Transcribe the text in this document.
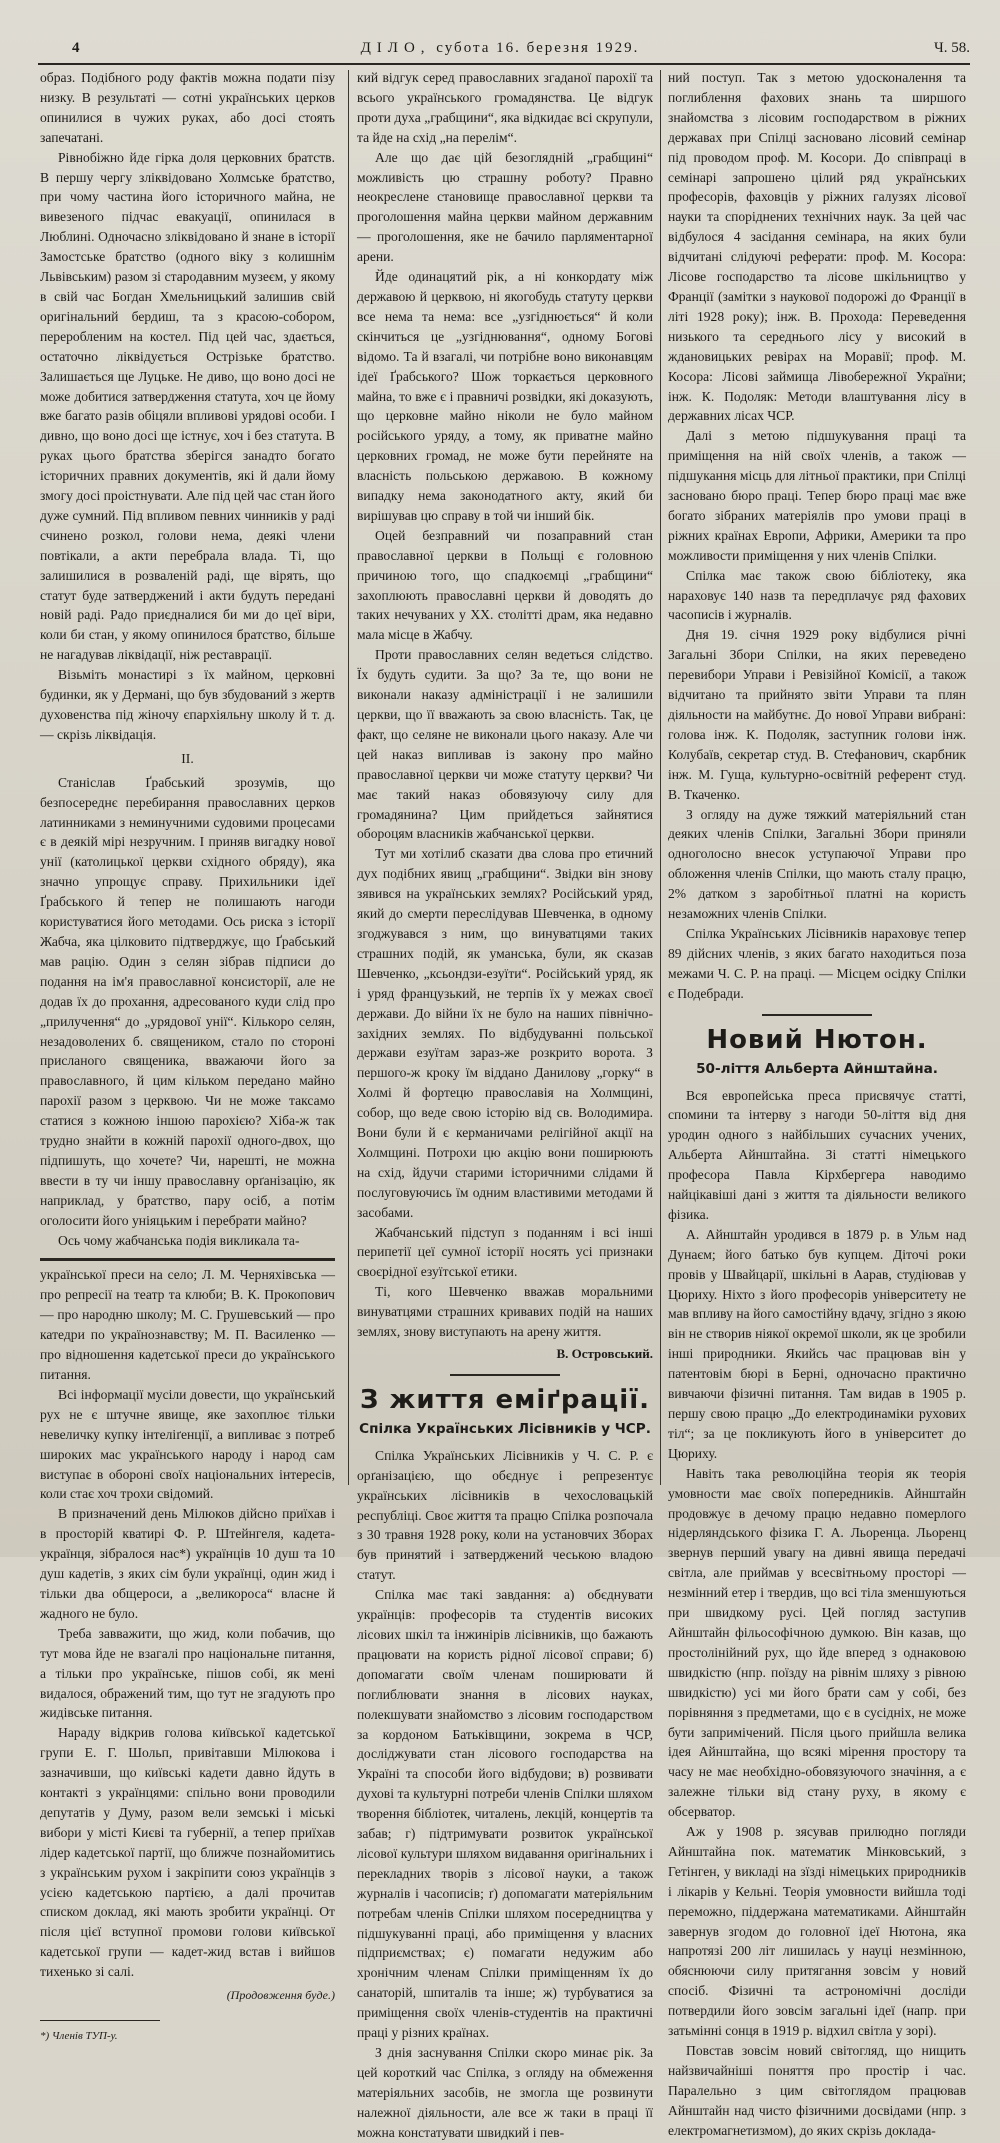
4	ДІЛО, субота 16. березня 1929.	Ч. 58.

образ. Подібного роду фактів можна подати пізу низку. В результаті — сотні українських церков опинилися в чужих руках, або досі стоять запечатані.

Рівнобіжно йде гірка доля церковних братств. В першу чергу зліквідовано Холмське братство, при чому частина його історичного майна, не вивезеного підчас евакуації, опинилася в Люблині. Одночасно зліквідовано й знане в історії Замостське братство (одного віку з колишнім Львівським) разом зі стародавним музеєм, у якому в свій час Богдан Хмельницький залишив свій оригінальний бердиш, та з красою-собором, переробленим на костел. Під цей час, здається, остаточно ліквідується Острізьке братство. Залишається ще Луцьке. Не диво, що воно досі не може добитися затвердження статута, хоч це йому вже багато разів обіцяли впливові урядові особи. І дивно, що воно досі ще істнує, хоч і без статута. В руках цього братства зберігся занадто богато історичних правних документів, які й дали йому змогу досі проістнувати. Але під цей час стан його дуже сумний. Під впливом певних чинників у раді счинено розкол, голови нема, деякі члени повтікали, а акти перебрала влада. Ті, що залишилися в розваленій раді, ще вірять, що статут буде затверджений і акти будуть передані новій раді. Радо приєдналися би ми до цеї віри, коли би стан, у якому опинилося братство, більше не нагадував ліквідації, ніж реставрації.

Візьміть монастирі з їх майном, церковні будинки, як у Дермані, що був збудований з жертв духовенства під жіночу єпархіяльну школу й т. д. — скрізь ліквідація.

II.

Станіслав Ґрабський зрозумів, що безпосереднє перебирання православних церков латинниками з неминучними судовими процесами є в деякій мірі незручним. І приняв вигадку нової унії (католицької церкви східного обряду), яка значно упрощує справу. Прихильники ідеї Ґрабського й тепер не полишають нагоди користуватися його методами. Ось риска з історії Жабча, яка цілковито підтверджує, що Ґрабський мав рацію. Один з селян зібрав підписи до подання на ім'я православної консисторії, але не додав їх до прохання, адресованого куди слід про „прилучення“ до „урядової унії“. Кількоро селян, незадоволених б. священиком, стало по стороні присланого священика, вважаючи його за православного, й цим кільком передано майно парохії разом з церквою. Чи не може таксамо статися з кожною іншою парохією? Хіба-ж так трудно знайти в кожній парохії одного-двох, що підпишуть, що хочете? Чи, нарешті, не можна ввести в ту чи іншу православну орґанізацію, як наприклад, у братство, пару осіб, а потім оголосити його уніяцьким і перебрати майно?

Ось чому жабчанська подія викликала та-

української преси на село; Л. М. Черняхівська — про репресії на театр та клюби; В. К. Прокопович — про народню школу; М. С. Грушевський — про катедри по українознавству; М. П. Василенко — про відношення кадетської преси до українського питання.

Всі інформації мусіли довести, що український рух не є штучне явище, яке захоплює тільки невеличку купку інтеліґенції, а випливає з потреб широких мас українського народу і народ сам виступає в обороні своїх національних інтересів, коли стає хоч трохи свідомий.

В призначений день Мілюков дійсно приїхав і в просторій кватирі Ф. Р. Штейнгеля, кадета-українця, зібралося нас*) українців 10 душ та 10 душ кадетів, з яких сім були українці, один жид і тільки два общероси, а „великороса“ власне й жадного не було.

Треба завважити, що жид, коли побачив, що тут мова йде не взагалі про національне питання, а тільки про українське, пішов собі, як мені видалося, ображений тим, що тут не згадують про жидівське питання.

Нараду відкрив голова київської кадетської групи Е. Г. Шольп, привітавши Мілюкова і зазначивши, що київські кадети давно йдуть в контакті з українцями: спільно вони проводили депутатів у Думу, разом вели земські і міські вибори у місті Києві та губернії, а тепер приїхав лідер кадетської партії, що ближче познайомитись з українським рухом і закріпити союз українців з усією кадетською партією, а далі прочитав списком доклад, які мають зробити українці. От після цієї вступної промови голови київської кадетської групи — кадет-жид встав і вийшов тихенько зі салі.

(Продовження буде.)
*) Членів ТУП-у.

кий відгук серед православних згаданої парохії та всього українського громадянства. Це відгук проти духа „грабщини“, яка відкидає всі скрупули, та йде на схід „на перелім“.

Але що дає цій безоглядній „грабщині“ можливість цю страшну роботу? Правно неокреслене становище православної церкви та проголошення майна церкви майном державним — проголошення, яке не бачило парляментарної арени.

Йде одинацятий рік, а ні конкордату між державою й церквою, ні якогобудь статуту церкви все нема та нема: все „узгіднюється“ й коли скінчиться це „узгіднювання“, одному Богові відомо. Та й взагалі, чи потрібне воно виконавцям ідеї Ґрабського? Шож торкається церковного майна, то вже є і правничі розвідки, які доказують, що церковне майно ніколи не було майном російського уряду, а тому, як приватне майно церковних громад, не може бути перейняте на власність польською державою. В кожному випадку нема законодатного акту, який би вирішував цю справу в той чи інший бік.

Оцей безправний чи позаправний стан православної церкви в Польщі є головною причиною того, що спадкоємці „грабщини“ захоплюють православні церкви й доводять до таких нечуваних у ХХ. столітті драм, яка недавно мала місце в Жабчу.

Проти православних селян ведеться слідство. Їх будуть судити. За що? За те, що вони не виконали наказу адміністрації і не залишили церкви, що її вважають за свою власність. Так, це факт, що селяне не виконали цього наказу. Але чи цей наказ випливав із закону про майно православної церкви чи може статуту церкви? Чи має такий наказ обовязуючу силу для громадянина? Цим прийдеться зайнятися обороцям власників жабчанської церкви.

Тут ми хотілиб сказати два слова про етичний дух подібних явищ „грабщини“. Звідки він знову зявився на українських землях? Російський уряд, який до смерти переслідував Шевченка, в одному згоджувався з ним, що винуватцями таких страшних подій, як уманська, були, як сказав Шевченко, „ксьондзи-езуїти“. Російський уряд, як і уряд французький, не терпів їх у межах своєї держави. До війни їх не було на наших північно-західних землях. По відбудуванні польської держави езуїтам зараз-же розкрито ворота. З першого-ж кроку їм віддано Данилову „горку“ в Холмі й фортецю православія на Холмщині, собор, що веде свою історію від св. Володимира. Вони були й є керманичами релігійної акції на Холмщині. Потрохи цю акцію вони поширюють на схід, йдучи старими історичними слідами й послуговуючись їм одним властивими методами й засобами.

Жабчанський підступ з поданням і всі інші перипетії цеї сумної історії носять усі признаки своєрідної езуїтської етики.

Ті, кого Шевченко вважав моральними винуватцями страшних кривавих подій на наших землях, знову виступають на арену життя.

В. Островський.
З життя еміґрації.
Спілка Українських Лісівників у ЧСР.

Спілка Українських Лісівників у Ч. С. Р. є орґанізацією, що обєднує і репрезентує українських лісівників в чехословацькій республіці. Своє життя та працю Спілка розпочала з 30 травня 1928 року, коли на установчих Зборах був принятий і затверджений чеською владою статут.

Спілка має такі завдання: а) обєднувати українців: професорів та студентів високих лісових шкіл та інжинірів лісівників, що бажають працювати на користь рідної лісової справи; б) допомагати своїм членам поширювати й поглиблювати знання в лісових науках, полекшувати знайомство з лісовим господарством за кордоном Батьківщини, зокрема в ЧСР, досліджувати стан лісового господарства на Україні та способи його відбудови; в) розвивати духові та культурні потреби членів Спілки шляхом творення бібліотек, читалень, лекцій, концертів та забав; г) підтримувати розвиток української лісової культури шляхом видавання оригінальних і перекладних творів з лісової науки, а також журналів і часописів; ґ) допомагати матеріяльним потребам членів Спілки шляхом посередництва у підшукуванні праці, або приміщення у власних підприємствах; є) помагати недужим або хронічним членам Спілки приміщенням їх до санаторій, шпиталів та інше; ж) турбуватися за приміщення своїх членів-студентів на практичні праці у різних країнах.

З днія заснування Спілки скоро минає рік. За цей короткий час Спілка, з огляду на обмеження матеріяльних засобів, не змогла ще розвинути належної діяльности, але все ж таки в праці її можна констатувати швидкий і пев-

ний поступ. Так з метою удосконалення та поглиблення фахових знань та ширшого знайомства з лісовим господарством в ріжних державах при Спілці засновано лісовий семінар під проводом проф. М. Косори. До співпраці в семінарі запрошено цілий ряд українських професорів, фаховців у ріжних галузях лісової науки та споріднених технічних наук. За цей час відбулося 4 засідання семінара, на яких були відчитані слідуючі реферати: проф. М. Косора: Лісове господарство та лісове шкільництво у Франції (замітки з наукової подорожі до Франції в літі 1928 року); інж. В. Прохода: Переведення низького та середнього лісу у високий в ждановицьких ревірах на Моравії; проф. М. Косора: Лісові займища Лівобережної України; інж. К. Подоляк: Методи влаштування лісу в державних лісах ЧСР.

Далі з метою підшукування праці та приміщення на ній своїх членів, а також — підшукання місць для літньої практики, при Спілці засновано бюро праці. Тепер бюро праці має вже богато зібраних матеріялів про умови праці в ріжних країнах Европи, Африки, Америки та про можливости приміщення у них членів Спілки.

Спілка має також свою бібліотеку, яка нараховує 140 назв та передплачує ряд фахових часописів і журналів.

Дня 19. січня 1929 року відбулися річні Загальні Збори Спілки, на яких переведено перевибори Управи і Ревізійної Комісії, а також відчитано та прийнято звіти Управи та плян діяльности на майбутнє. До нової Управи вибрані: голова інж. К. Подоляк, заступник голови інж. Колубаїв, секретар студ. В. Стефанович, скарбник інж. М. Гуща, культурно-освітній референт студ. В. Ткаченко.

З огляду на дуже тяжкий матеріяльний стан деяких членів Спілки, Загальні Збори приняли одноголосно внесок уступаючої Управи про обложення членів Спілки, що мають сталу працю, 2% датком з заробітньої платні на користь незаможних членів Спілки.

Спілка Українських Лісівників нараховує тепер 89 дійсних членів, з яких багато находиться поза межами Ч. С. Р. на праці. — Місцем осідку Спілки є Подебради.

Новий Нютон.
50-ліття Альберта Айнштайна.

Вся европейська преса присвячує статті, спомини та інтерву з нагоди 50-ліття від дня уродин одного з найбільших сучасних учених, Альберта Айнштайна. Зі статті німецького професора Павла Кірхбергера наводимо найцікавіші дані з життя та діяльности великого фізика.

А. Айнштайн уродився в 1879 р. в Ульм над Дунаєм; його батько був купцем. Діточі роки провів у Швайцарії, шкільні в Аарав, студіював у Цюриху. Ніхто з його професорів університету не мав впливу на його самостійну вдачу, згідно з якою він не створив ніякої окремої школи, як це зробили інші природники. Якийсь час працював він у патентовім бюрі в Берні, одночасно практично вивчаючи фізичні питання. Там видав в 1905 р. першу свою працю „До електродинаміки рухових тіл“; за це покликують його в університет до Цюриху.

Навіть така революційна теорія як теорія умовности має своїх попередників. Айнштайн продовжує в дечому працю недавно померлого нідерляндського фізика Г. А. Льоренца. Льоренц звернув перший увагу на дивні явища передачі світла, але приймав у всесвітньому просторі — незмінний етер і твердив, що всі тіла зменшуються при швидкому русі. Цей погляд заступив Айнштайн фільософічною думкою. Він казав, що простолінійний рух, що йде вперед з однаковою швидкістю (нпр. поїзду на рівнім шляху з рівною швидкістю) усі ми його брати сам у собі, без порівняння з предметами, що є в сусідніх, не може бути запримічений. Після цього прийшла велика ідея Айнштайна, що всякі мірення простору та часу не має необхідно-обовязуючого значіння, а є залежне тільки від стану руху, в якому є обсерватор.

Аж у 1908 р. зясував прилюдно погляди Айнштайна пок. математик Мінковський, з Гетінген, у викладі на зїзді німецьких природників і лікарів у Кельні. Теорія умовности вийшла тоді переможно, піддержана математиками. Айнштайн завернув згодом до головної ідеї Нютона, яка напротязі 200 літ лишилась у науці незмінною, обяснюючи силу притягання зовсім у новий спосіб. Фізичні та астрономічні досліди потвердили його зовсім загальні ідеї (напр. при затьмінні сонця в 1919 р. відхил світла у зорі).

Повстав зовсім новий світогляд, що нищить найзвичайніші поняття про простір і час. Паралельно з цим світоглядом працював Айнштайн над чисто фізичними досвідами (нпр. з електромагнетизмом), до яких скрізь доклада-
